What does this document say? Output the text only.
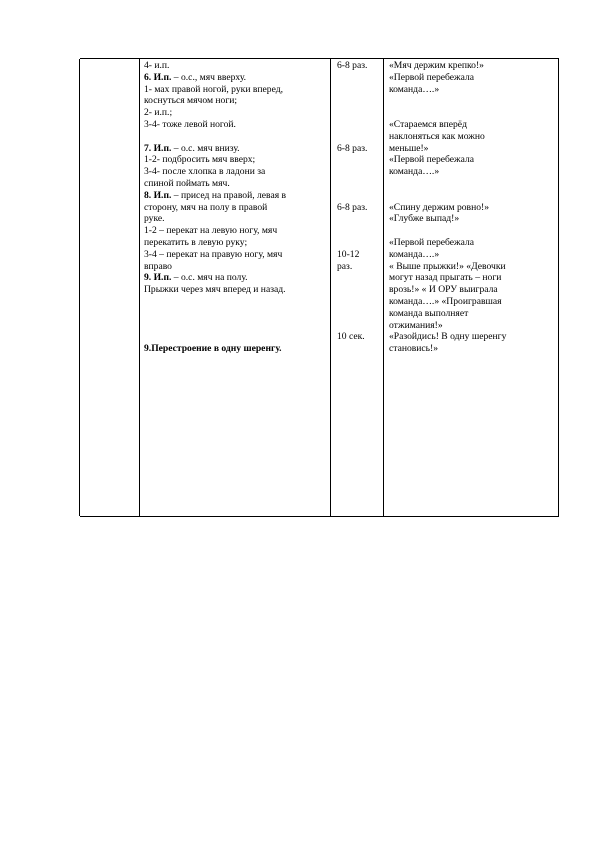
4- и.п.
6. И.п. – о.с., мяч вверху.
1- мах правой ногой, руки вперед,
коснуться мячом ноги;
2- и.п.;
3-4- тоже левой ногой.
7. И.п. – о.с. мяч внизу.
1-2- подбросить мяч вверх;
3-4- после хлопка в ладони за
спиной поймать мяч.
8. И.п. – присед на правой, левая в
сторону, мяч на полу в правой
руке.
1-2 – перекат на левую ногу, мяч
перекатить в левую руку;
3-4 – перекат на правую ногу, мяч
вправо
9. И.п. – о.с. мяч на полу.
Прыжки через мяч вперед и назад.
9.Перестроение в одну шеренгу.
6-8 раз.
6-8 раз.
6-8 раз.
10-12
раз.
10 сек.
«Мяч держим крепко!»
«Первой перебежала
команда….»
«Стараемся вперёд
наклоняться как можно
меньше!»
«Первой перебежала
команда….»
«Спину держим ровно!»
«Глубже выпад!»
«Первой перебежала
команда….»
« Выше прыжки!» «Девочки
могут назад прыгать – ноги
врозь!» « И ОРУ выиграла
команда….» «Проигравшая
команда выполняет
отжимания!»
«Разойдись! В одну шеренгу
становись!»
